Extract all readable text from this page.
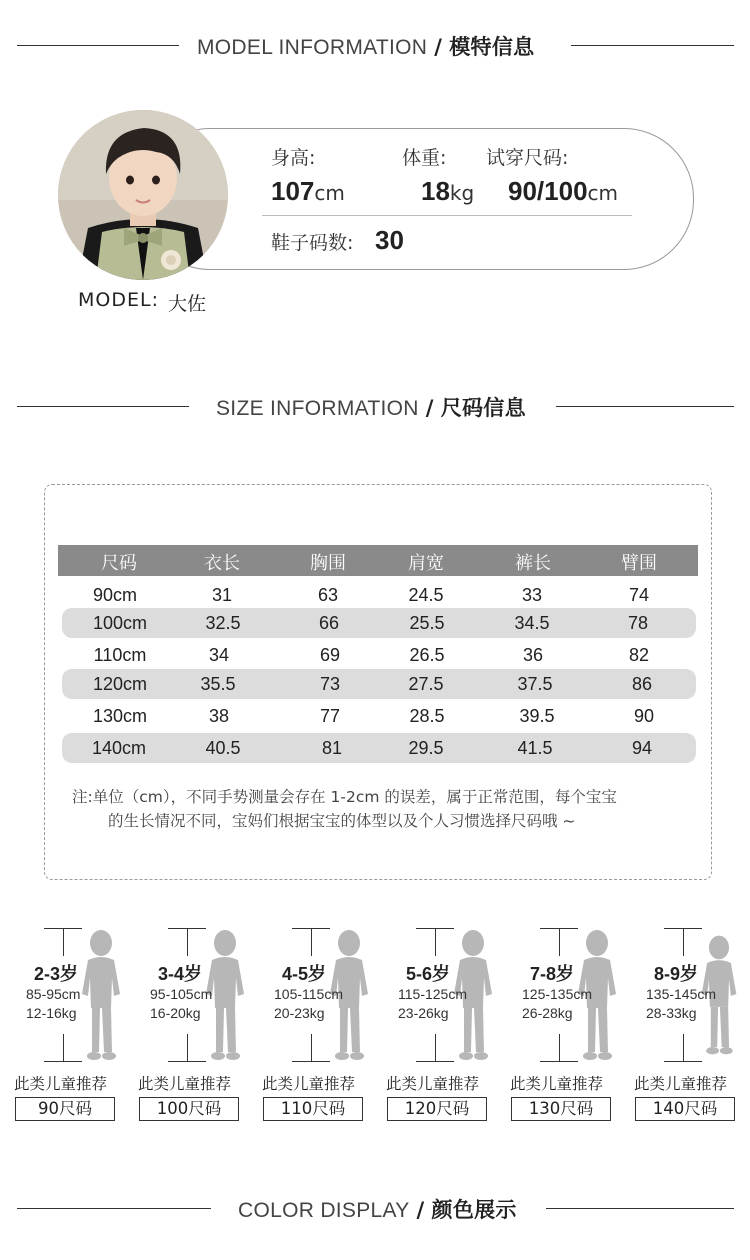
MODEL INFORMATION / 模特信息
身高:	体重: 试穿尺码:
107cm	18kg 90/100cm
鞋子码数: 30
MODEL: 大佐
SIZE INFORMATION / 尺码信息
尺码	衣长	胸围	肩宽	裤长	臂围
90cm	31	63	24.5	33	74
100cm	32.5	66	25.5	34.5	78
110cm	34	69	26.5	36	82
120cm	35.5	73	27.5	37.5	86
130cm	38	77	28.5	39.5	90
140cm	40.5	81	29.5	41.5	94
注:单位（cm），不同手势测量会存在 1-2cm 的误差，属于正常范围，每个宝宝
的生长情况不同，宝妈们根据宝宝的体型以及个人习惯选择尺码哦 ~
2-3岁
85-95cm
12-16kg
此类儿童推荐
90尺码
3-4岁
95-105cm
16-20kg
此类儿童推荐
100尺码
4-5岁
105-115cm
20-23kg
此类儿童推荐
110尺码
5-6岁
115-125cm
23-26kg
此类儿童推荐
120尺码
7-8岁
125-135cm
26-28kg
此类儿童推荐
130尺码
8-9岁
135-145cm
28-33kg
此类儿童推荐
140尺码
COLOR DISPLAY / 颜色展示
